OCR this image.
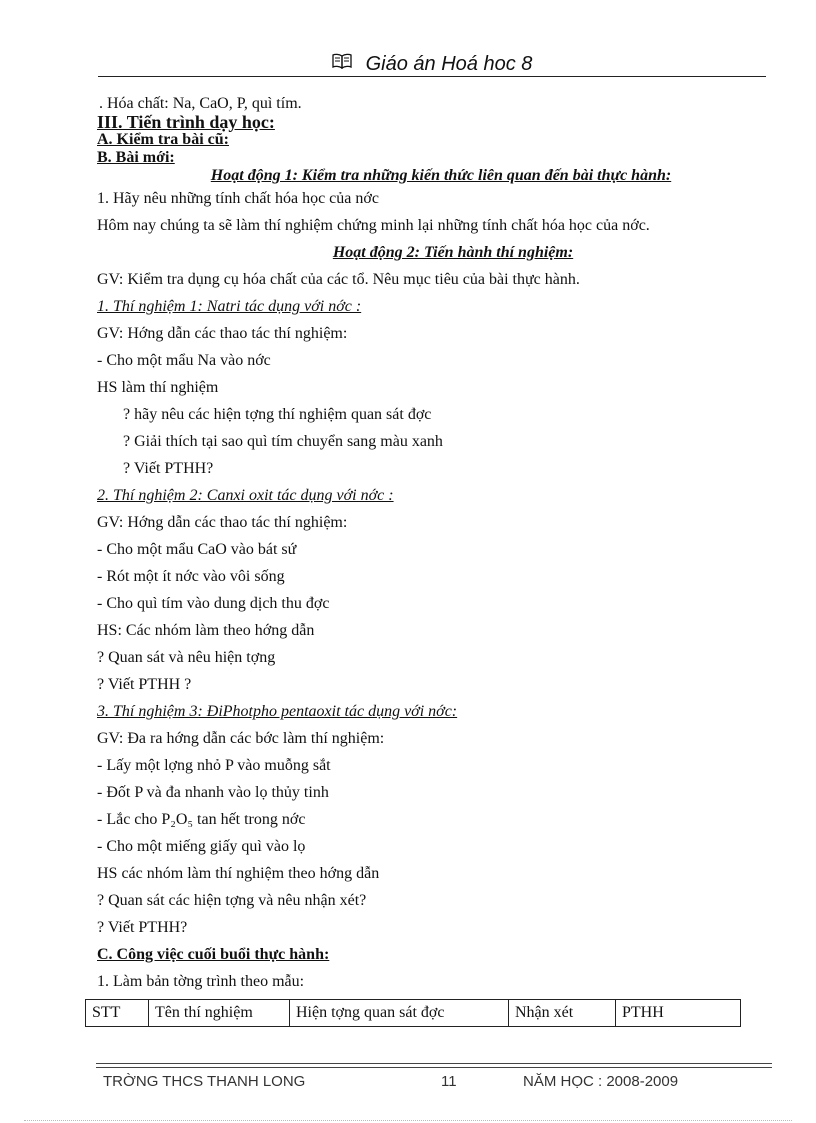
Giáo án Hoá hoc 8
. Hóa chất: Na, CaO, P, quì tím.
III. Tiến trình dạy học:
A. Kiểm tra bài cũ:
B. Bài mới:
Hoạt động 1: Kiểm tra những kiến thức liên quan đến bài thực hành:
1. Hãy nêu những tính chất hóa học của nớc
Hôm nay chúng ta sẽ làm thí nghiệm chứng minh lại những tính chất hóa học của nớc.
Hoạt động 2: Tiến hành thí nghiệm:
GV: Kiểm tra dụng cụ hóa chất của các tổ. Nêu mục tiêu của bài thực hành.
1. Thí nghiệm 1: Natri tác dụng với nớc :
GV: Hớng dẫn các thao tác thí nghiệm:
- Cho một mẩu Na vào nớc
HS làm thí nghiệm
? hãy nêu các hiện tợng thí nghiệm quan sát đợc
? Giải thích tại sao quì tím chuyển sang màu xanh
? Viết PTHH?
2. Thí nghiệm 2: Canxi oxit tác dụng với nớc :
GV: Hớng dẫn các thao tác thí nghiệm:
- Cho một mẩu CaO vào bát sứ
- Rót một ít nớc vào vôi sống
- Cho quì tím vào dung dịch thu đợc
HS: Các nhóm làm theo hớng dẫn
? Quan sát và nêu hiện tợng
? Viết PTHH ?
3. Thí nghiệm 3: ĐiPhotpho pentaoxit tác dụng với nớc:
GV: Đa ra hớng dẫn các bớc làm thí nghiệm:
- Lấy một lợng nhỏ P vào muỗng sắt
- Đốt P và đa nhanh vào lọ thủy tinh
- Lắc cho P₂O₅ tan hết trong nớc
- Cho một miếng giấy quì vào lọ
HS các nhóm làm thí nghiệm theo hớng dẫn
? Quan sát các hiện tợng và nêu nhận xét?
? Viết PTHH?
C. Công việc cuối buổi thực hành:
1. Làm bản tờng trình theo mẫu:
STT	Tên thí nghiệm	Hiện tợng quan sát đợc	Nhận xét	PTHH
TRỜNG THCS THANH LONG	11	NĂM HỌC : 2008-2009
